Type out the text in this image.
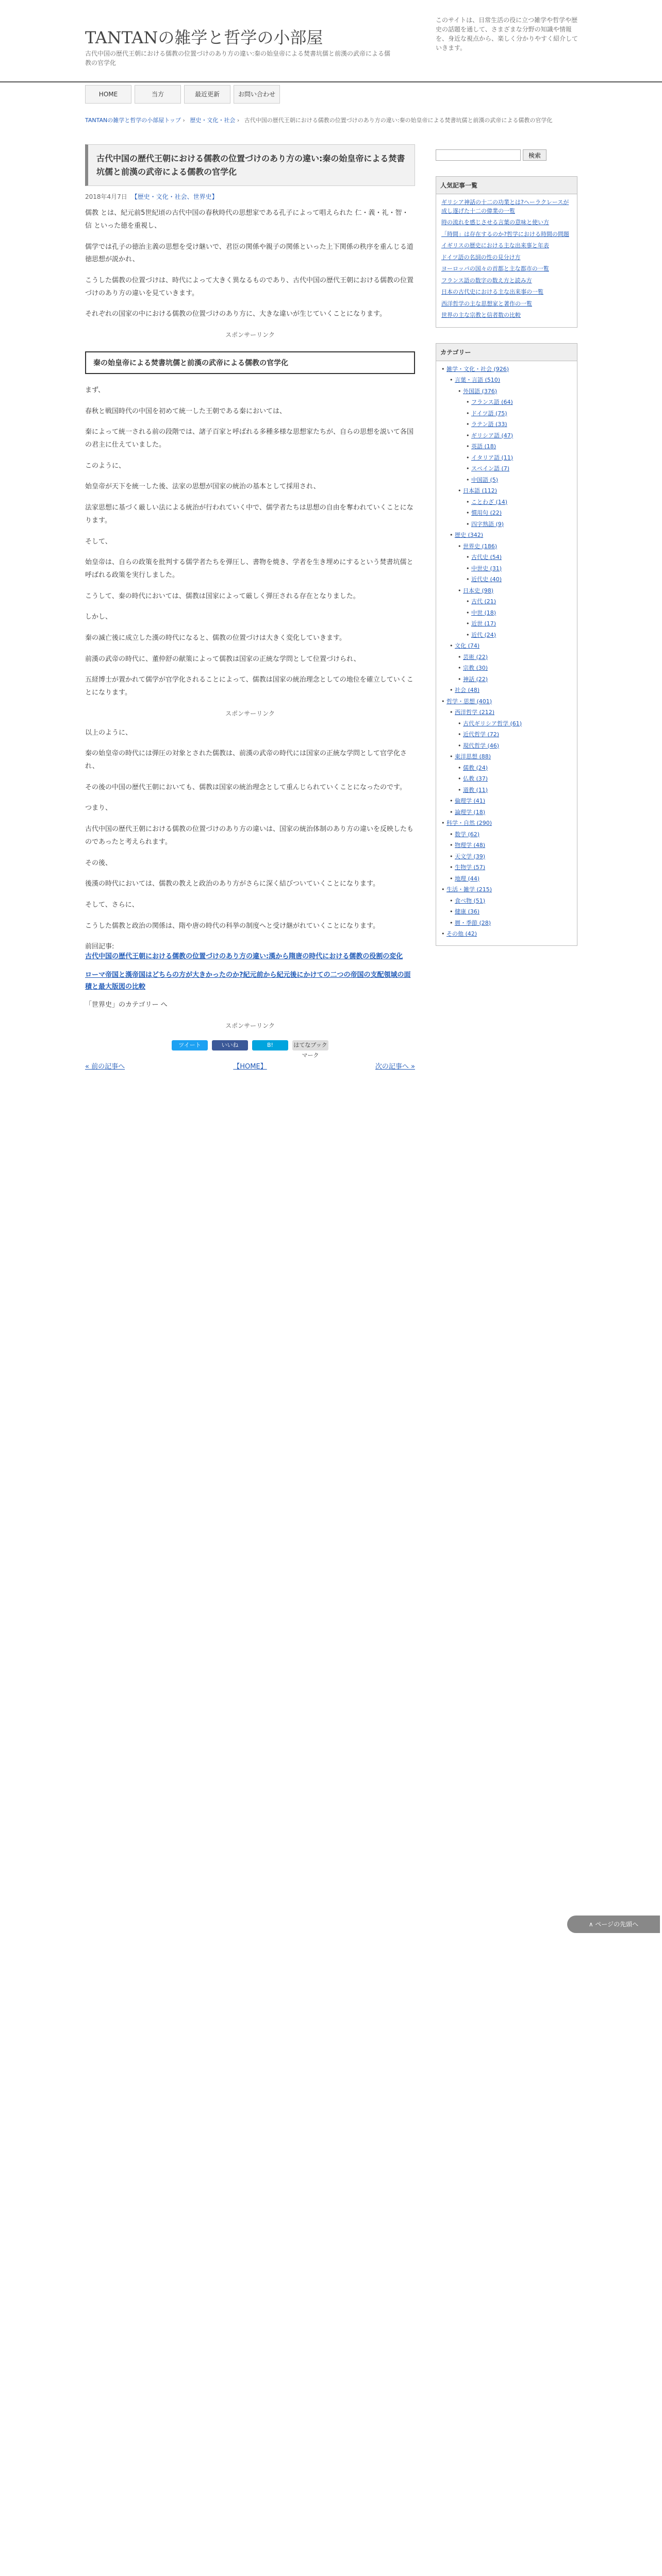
TANTANの雑学と哲学の小部屋
古代中国の歴代王朝における儒教の位置づけのあり方の違い:秦の始皇帝による焚書坑儒と前漢の武帝による儒教の官学化
このサイトは、日常生活の役に立つ雑学や哲学や歴史の話題を通して、さまざまな分野の知識や情報を、身近な視点から、楽しく分かりやすく紹介していきます。
HOME	当方	最近更新	お問い合わせ
TANTANの雑学と哲学の小部屋トップ › 歴史・文化・社会 › 古代中国の歴代王朝における儒教の位置づけのあり方の違い:秦の始皇帝による焚書坑儒と前漢の武帝による儒教の官学化
古代中国の歴代王朝における儒教の位置づけのあり方の違い:秦の始皇帝による焚書坑儒と前漢の武帝による儒教の官学化
2018年4月7日 【歴史・文化・社会、世界史】

儒教 とは、紀元前5世紀頃の古代中国の春秋時代の思想家である孔子によって唱えられた 仁・義・礼・智・信 といった徳を重視し、

儒学では孔子の徳治主義の思想を受け継いで、君臣の関係や親子の関係といった上下関係の秩序を重んじる道徳思想が説かれ、

こうした儒教の位置づけは、時代によって大きく異なるものであり、古代中国の歴代王朝における儒教の位置づけのあり方の違いを見ていきます。

それぞれの国家の中における儒教の位置づけのあり方に、大きな違いが生じていくことになります。

スポンサーリンク
秦の始皇帝による焚書坑儒と前漢の武帝による儒教の官学化

まず、

春秋と戦国時代の中国を初めて統一した王朝である秦においては、

秦によって統一される前の段階では、諸子百家と呼ばれる多種多様な思想家たちが、自らの思想を説いて各国の君主に仕えていました。

このように、

始皇帝が天下を統一した後、法家の思想が国家の統治の基本として採用され、

法家思想に基づく厳しい法による統治が行われていく中で、儒学者たちは思想の自由を奪われていくことになります。

そして、

始皇帝は、自らの政策を批判する儒学者たちを弾圧し、書物を焼き、学者を生き埋めにするという焚書坑儒と呼ばれる政策を実行しました。

こうして、秦の時代においては、儒教は国家によって厳しく弾圧される存在となりました。

しかし、

秦の滅亡後に成立した漢の時代になると、儒教の位置づけは大きく変化していきます。

前漢の武帝の時代に、董仲舒の献策によって儒教は国家の正統な学問として位置づけられ、

五経博士が置かれて儒学が官学化されることによって、儒教は国家の統治理念としての地位を確立していくことになります。

スポンサーリンク

以上のように、

秦の始皇帝の時代には弾圧の対象とされた儒教は、前漢の武帝の時代には国家の正統な学問として官学化され、

その後の中国の歴代王朝においても、儒教は国家の統治理念として重んじられていくことになったのです。

つまり、

古代中国の歴代王朝における儒教の位置づけのあり方の違いは、国家の統治体制のあり方の違いを反映したものであったと考えられます。

その後、

後漢の時代においては、儒教の教えと政治のあり方がさらに深く結びついていくことになります。

そして、さらに、

こうした儒教と政治の関係は、隋や唐の時代の科挙の制度へと受け継がれていくことになります。

前回記事:
古代中国の歴代王朝における儒教の位置づけのあり方の違い:漢から隋唐の時代における儒教の役割の変化
ローマ帝国と漢帝国はどちらの方が大きかったのか?紀元前から紀元後にかけての二つの帝国の支配領域の面積と最大版図の比較

「世界史」のカテゴリー へ

スポンサーリンク
ツイート	いいね	B!	はてなブックマーク
« 前の記事へ	【HOME】	次の記事へ »
検索
人気記事一覧
ギリシア神話の十二の功業とは?ヘーラクレースが成し遂げた十二の偉業の一覧
時の流れを感じさせる言葉の意味と使い方
「時間」は存在するのか?哲学における時間の問題
イギリスの歴史における主な出来事と年表
ドイツ語の名詞の性の見分け方
ヨーロッパの国々の首都と主な都市の一覧
フランス語の数字の数え方と読み方
日本の古代史における主な出来事の一覧
西洋哲学の主な思想家と著作の一覧
世界の主な宗教と信者数の比較
カテゴリー
• 雑学・文化・社会 (926)
• 言葉・言語 (510)
• 外国語 (376)
• フランス語 (64)
• ドイツ語 (75)
• ラテン語 (33)
• ギリシア語 (47)
• 英語 (18)
• イタリア語 (11)
• スペイン語 (7)
• 中国語 (5)
• 日本語 (112)
• ことわざ (14)
• 慣用句 (22)
• 四字熟語 (9)
• 歴史 (342)
• 世界史 (186)
• 古代史 (54)
• 中世史 (31)
• 近代史 (40)
• 日本史 (98)
• 古代 (21)
• 中世 (18)
• 近世 (17)
• 近代 (24)
• 文化 (74)
• 芸術 (22)
• 宗教 (30)
• 神話 (22)
• 社会 (48)
• 哲学・思想 (401)
• 西洋哲学 (212)
• 古代ギリシア哲学 (61)
• 近代哲学 (72)
• 現代哲学 (46)
• 東洋思想 (88)
• 儒教 (24)
• 仏教 (37)
• 道教 (11)
• 倫理学 (41)
• 論理学 (18)
• 科学・自然 (290)
• 数学 (62)
• 物理学 (48)
• 天文学 (39)
• 生物学 (57)
• 地理 (44)
• 生活・雑学 (215)
• 食べ物 (51)
• 健康 (36)
• 暦・季節 (28)
• その他 (42)
∧ ページの先頭へ
